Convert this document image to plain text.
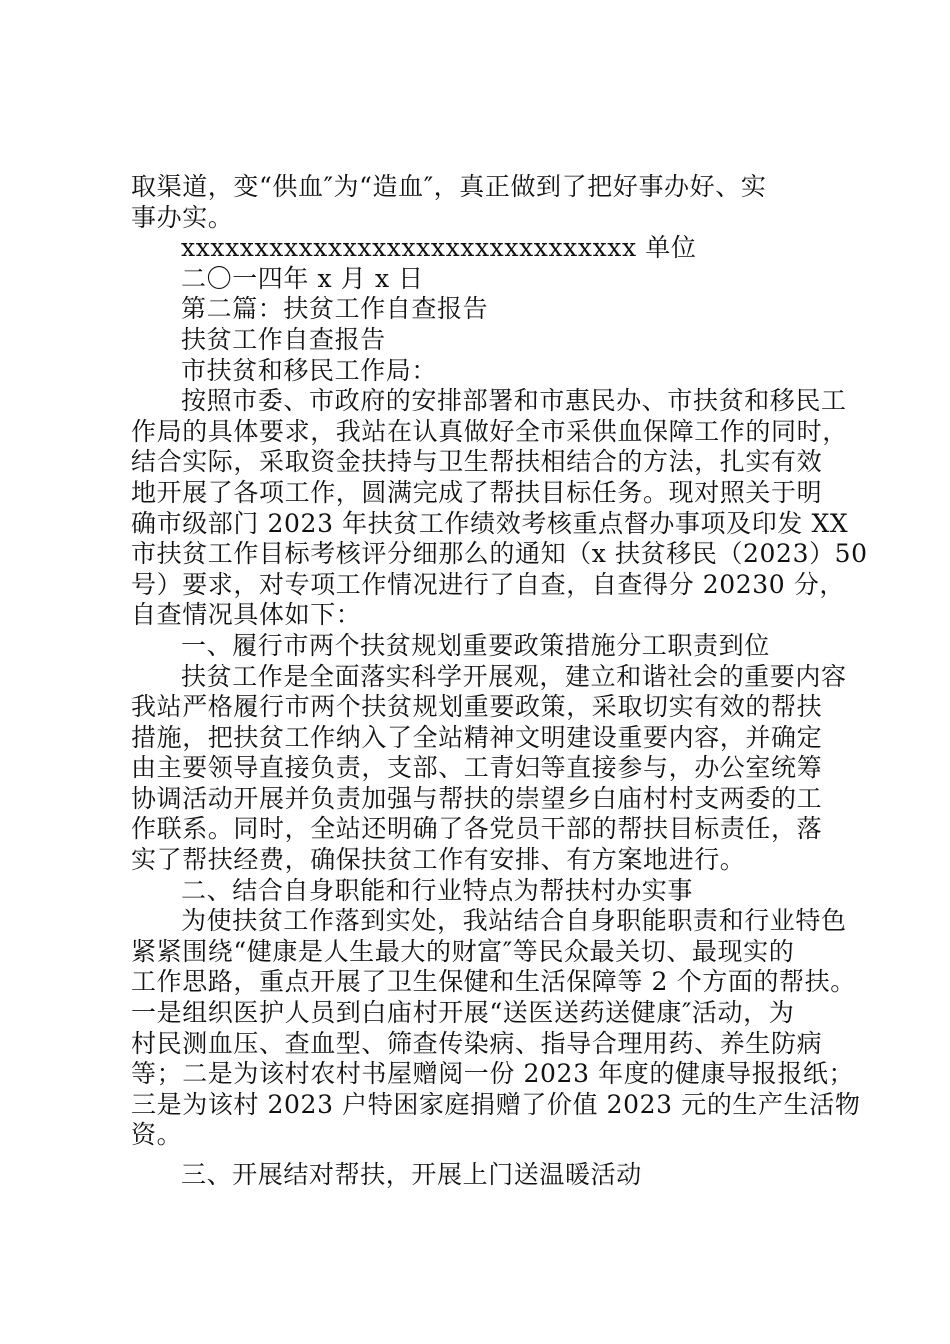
取渠道，变“供血″为“造血″，真正做到了把好事办好、实
事办实。
xxxxxxxxxxxxxxxxxxxxxxxxxxxxxxx 单位
二〇一四年 x 月 x 日
第二篇：扶贫工作自查报告
扶贫工作自查报告
市扶贫和移民工作局：
按照市委、市政府的安排部署和市惠民办、市扶贫和移民工
作局的具体要求，我站在认真做好全市采供血保障工作的同时，
结合实际，采取资金扶持与卫生帮扶相结合的方法，扎实有效
地开展了各项工作，圆满完成了帮扶目标任务。现对照关于明
确市级部门 2023 年扶贫工作绩效考核重点督办事项及印发 XX
市扶贫工作目标考核评分细那么的通知（x 扶贫移民（2023）50
号）要求，对专项工作情况进行了自查，自查得分 20230 分，
自查情况具体如下：
一、履行市两个扶贫规划重要政策措施分工职责到位
扶贫工作是全面落实科学开展观，建立和谐社会的重要内容
我站严格履行市两个扶贫规划重要政策，采取切实有效的帮扶
措施，把扶贫工作纳入了全站精神文明建设重要内容，并确定
由主要领导直接负责，支部、工青妇等直接参与，办公室统筹
协调活动开展并负责加强与帮扶的崇望乡白庙村村支两委的工
作联系。同时，全站还明确了各党员干部的帮扶目标责任，落
实了帮扶经费，确保扶贫工作有安排、有方案地进行。
二、结合自身职能和行业特点为帮扶村办实事
为使扶贫工作落到实处，我站结合自身职能职责和行业特色
紧紧围绕“健康是人生最大的财富″等民众最关切、最现实的
工作思路，重点开展了卫生保健和生活保障等 2 个方面的帮扶。
一是组织医护人员到白庙村开展“送医送药送健康″活动，为
村民测血压、查血型、筛查传染病、指导合理用药、养生防病
等；二是为该村农村书屋赠阅一份 2023 年度的健康导报报纸；
三是为该村 2023 户特困家庭捐赠了价值 2023 元的生产生活物
资。
三、开展结对帮扶，开展上门送温暖活动
